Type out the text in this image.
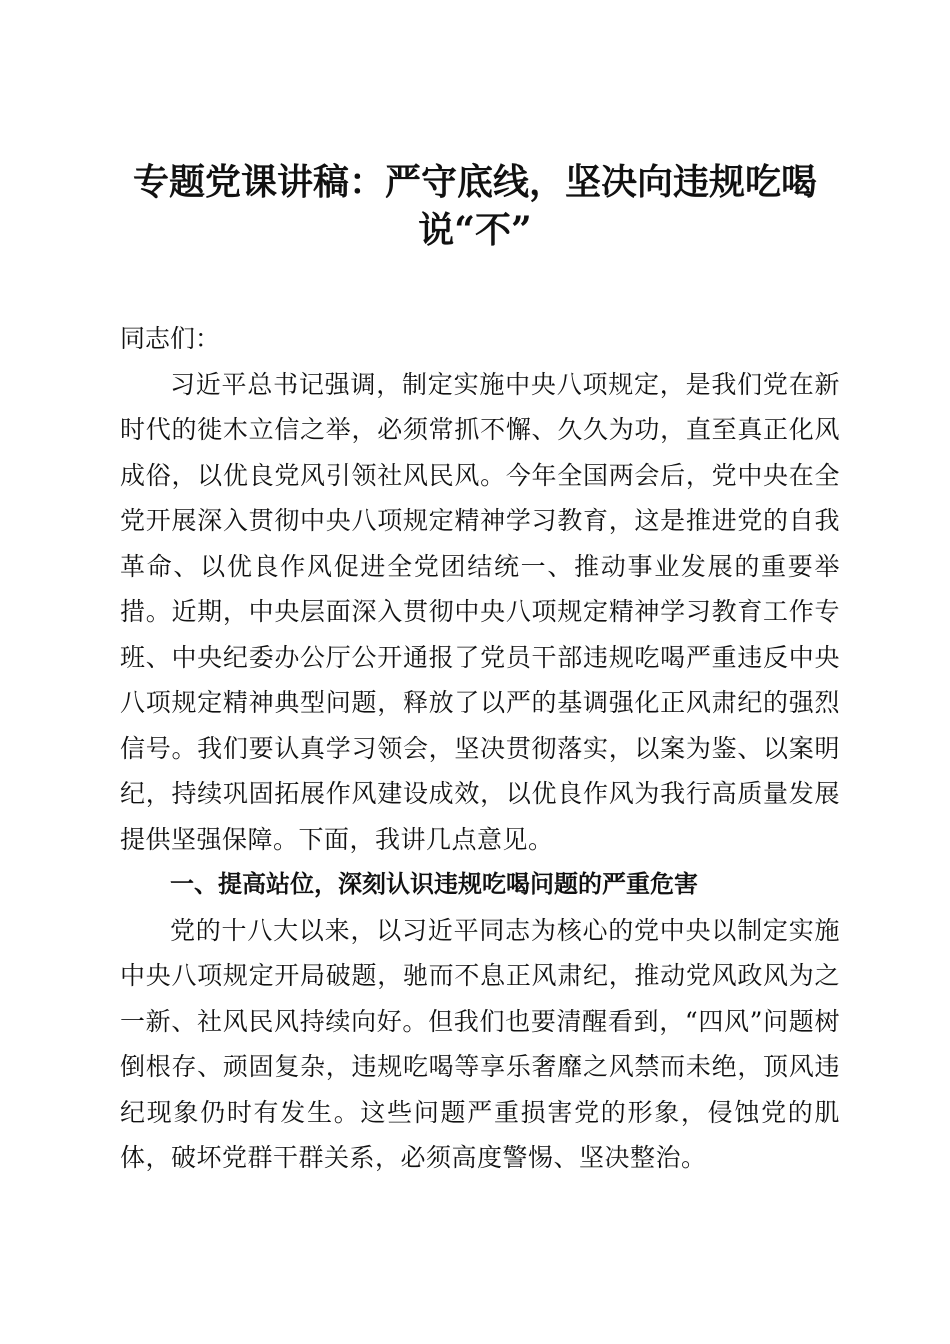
专题党课讲稿：严守底线，坚决向违规吃喝
说“不”

同志们：

习近平总书记强调，制定实施中央八项规定，是我们党在新时代的徙木立信之举，必须常抓不懈、久久为功，直至真正化风成俗，以优良党风引领社风民风。今年全国两会后，党中央在全党开展深入贯彻中央八项规定精神学习教育，这是推进党的自我革命、以优良作风促进全党团结统一、推动事业发展的重要举措。近期，中央层面深入贯彻中央八项规定精神学习教育工作专班、中央纪委办公厅公开通报了党员干部违规吃喝严重违反中央八项规定精神典型问题，释放了以严的基调强化正风肃纪的强烈信号。我们要认真学习领会，坚决贯彻落实，以案为鉴、以案明纪，持续巩固拓展作风建设成效，以优良作风为我行高质量发展提供坚强保障。下面，我讲几点意见。

一、提高站位，深刻认识违规吃喝问题的严重危害

党的十八大以来，以习近平同志为核心的党中央以制定实施中央八项规定开局破题，驰而不息正风肃纪，推动党风政风为之一新、社风民风持续向好。但我们也要清醒看到，“四风”问题树倒根存、顽固复杂，违规吃喝等享乐奢靡之风禁而未绝，顶风违纪现象仍时有发生。这些问题严重损害党的形象，侵蚀党的肌体，破坏党群干群关系，必须高度警惕、坚决整治。
